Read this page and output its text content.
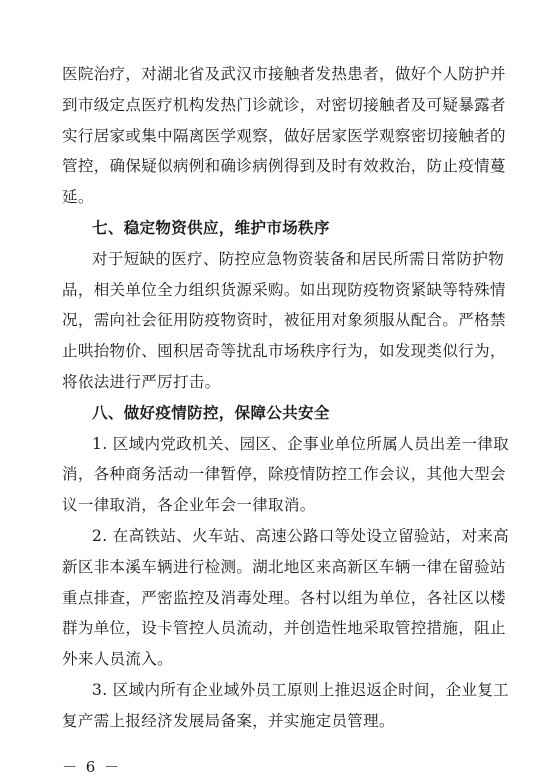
医院治疗，对湖北省及武汉市接触者发热患者，做好个人防护并
到市级定点医疗机构发热门诊就诊，对密切接触者及可疑暴露者
实行居家或集中隔离医学观察，做好居家医学观察密切接触者的
管控，确保疑似病例和确诊病例得到及时有效救治，防止疫情蔓
延。
七、稳定物资供应，维护市场秩序
对于短缺的医疗、防控应急物资装备和居民所需日常防护物
品，相关单位全力组织货源采购。如出现防疫物资紧缺等特殊情
况，需向社会征用防疫物资时，被征用对象须服从配合。严格禁
止哄抬物价、囤积居奇等扰乱市场秩序行为，如发现类似行为，
将依法进行严厉打击。
八、做好疫情防控，保障公共安全
1. 区域内党政机关、园区、企事业单位所属人员出差一律取
消，各种商务活动一律暂停，除疫情防控工作会议，其他大型会
议一律取消，各企业年会一律取消。
2. 在高铁站、火车站、高速公路口等处设立留验站，对来高
新区非本溪车辆进行检测。湖北地区来高新区车辆一律在留验站
重点排查，严密监控及消毒处理。各村以组为单位，各社区以楼
群为单位，设卡管控人员流动，并创造性地采取管控措施，阻止
外来人员流入。
3. 区域内所有企业域外员工原则上推迟返企时间，企业复工
复产需上报经济发展局备案，并实施定员管理。
－ 6 －
